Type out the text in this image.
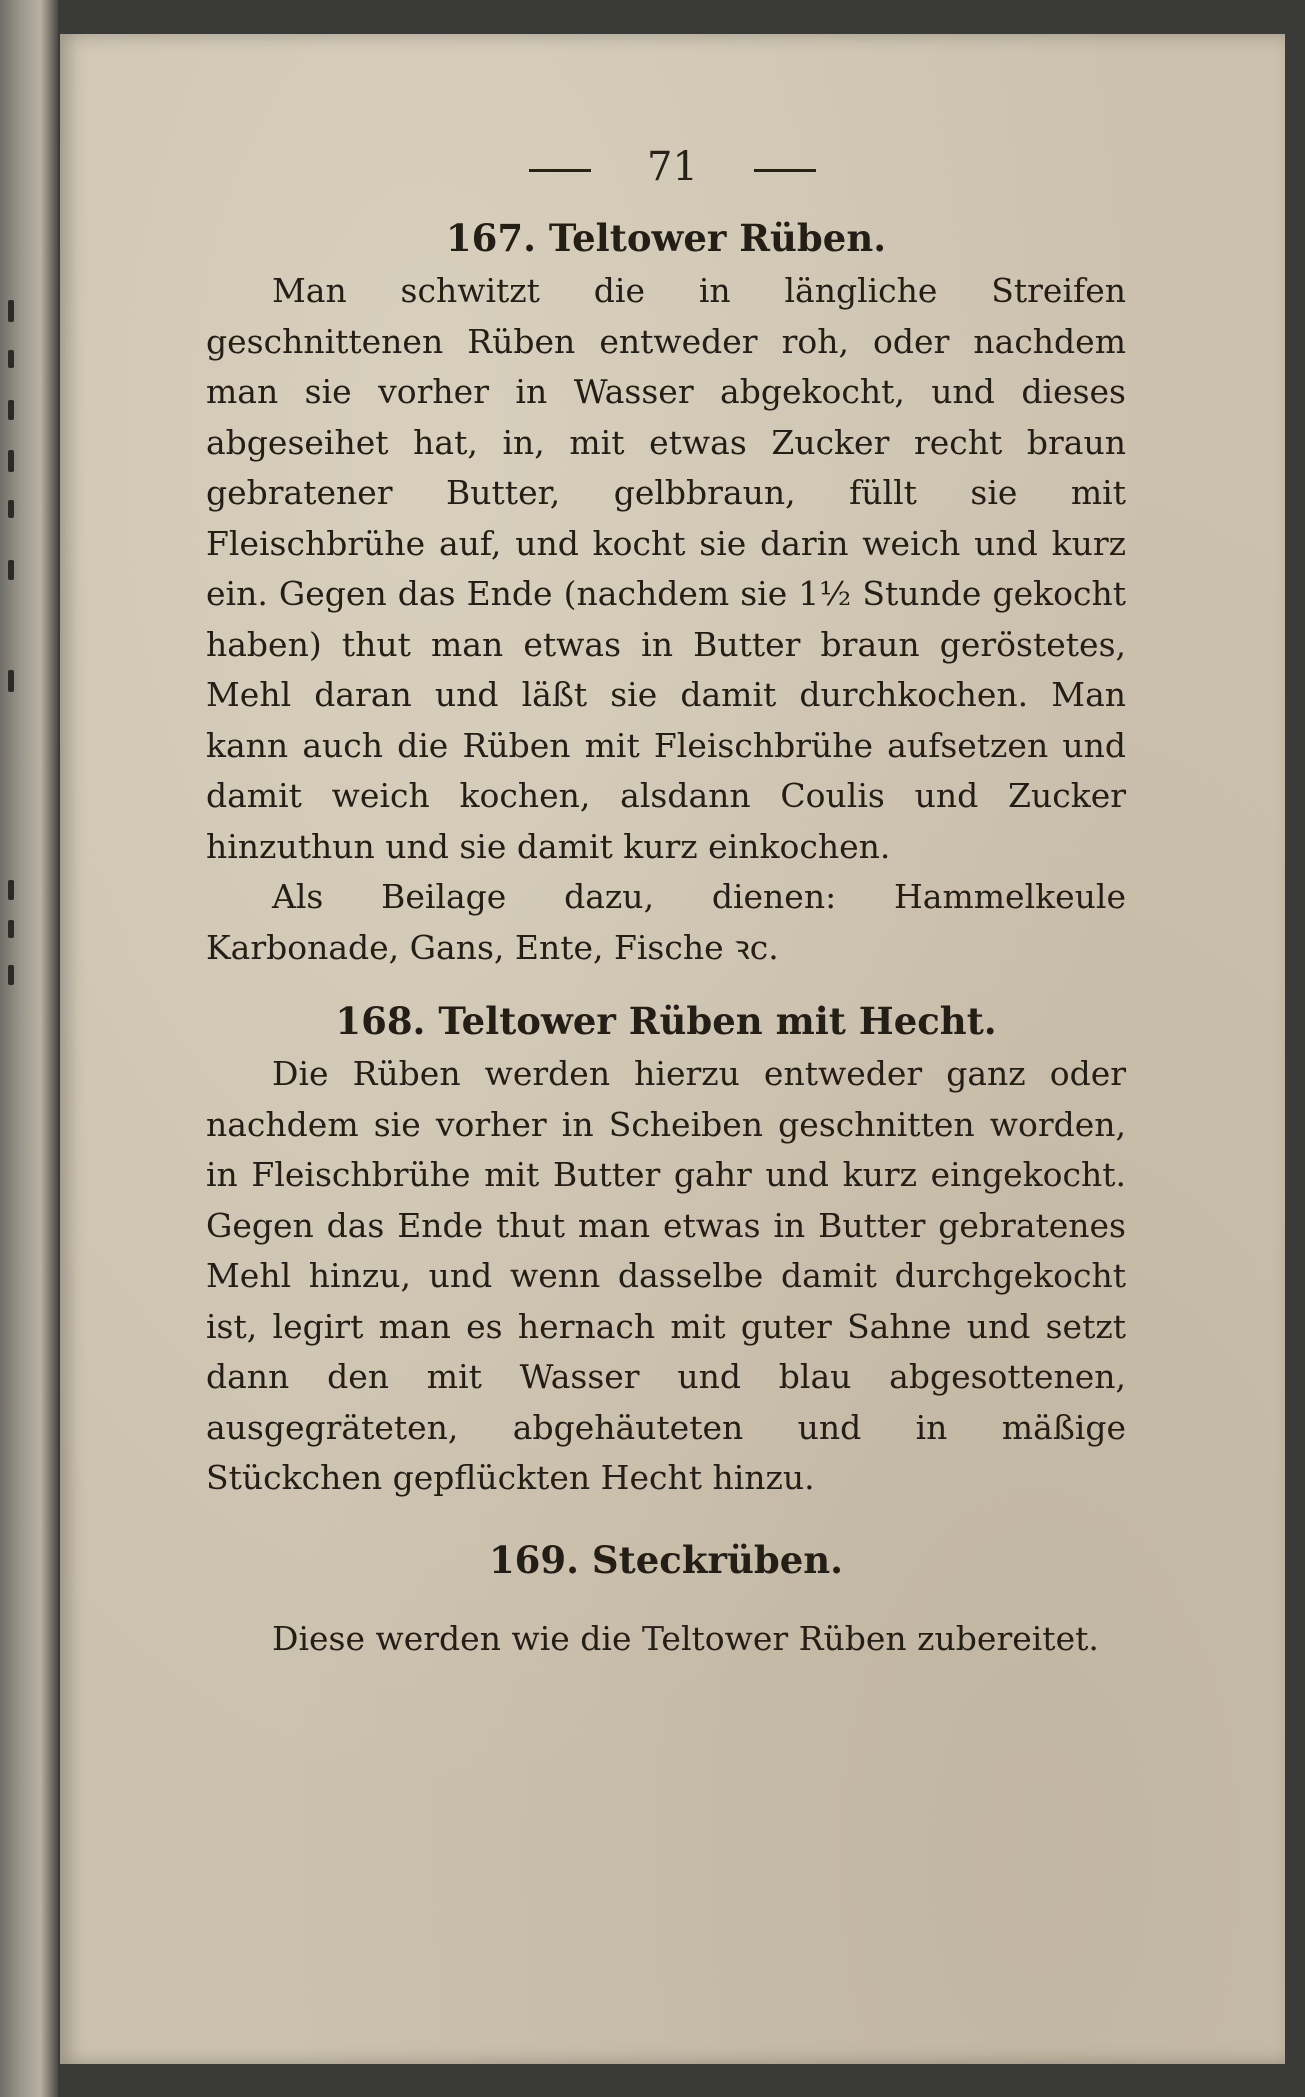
71
167. Teltower Rüben.

Man schwitzt die in längliche Streifen geschnittenen Rüben entweder roh, oder nachdem man sie vorher in Wasser abgekocht, und dieses abgeseihet hat, in, mit etwas Zucker recht braun gebratener Butter, gelbbraun, füllt sie mit Fleischbrühe auf, und kocht sie darin weich und kurz ein. Gegen das Ende (nachdem sie 1½ Stunde gekocht haben) thut man etwas in Butter braun geröstetes, Mehl daran und läßt sie damit durchkochen. Man kann auch die Rüben mit Fleischbrühe aufsetzen und damit weich kochen, alsdann Coulis und Zucker hinzuthun und sie damit kurz einkochen.

Als Beilage dazu, dienen: Hammelkeule Karbonade, Gans, Ente, Fische ꝛc.

168. Teltower Rüben mit Hecht.

Die Rüben werden hierzu entweder ganz oder nachdem sie vorher in Scheiben geschnitten worden, in Fleischbrühe mit Butter gahr und kurz eingekocht. Gegen das Ende thut man etwas in Butter gebratenes Mehl hinzu, und wenn dasselbe damit durchgekocht ist, legirt man es hernach mit guter Sahne und setzt dann den mit Wasser und blau abgesottenen, ausgegräteten, abgehäuteten und in mäßige Stückchen gepflückten Hecht hinzu.

169. Steckrüben.

Diese werden wie die Teltower Rüben zubereitet.
